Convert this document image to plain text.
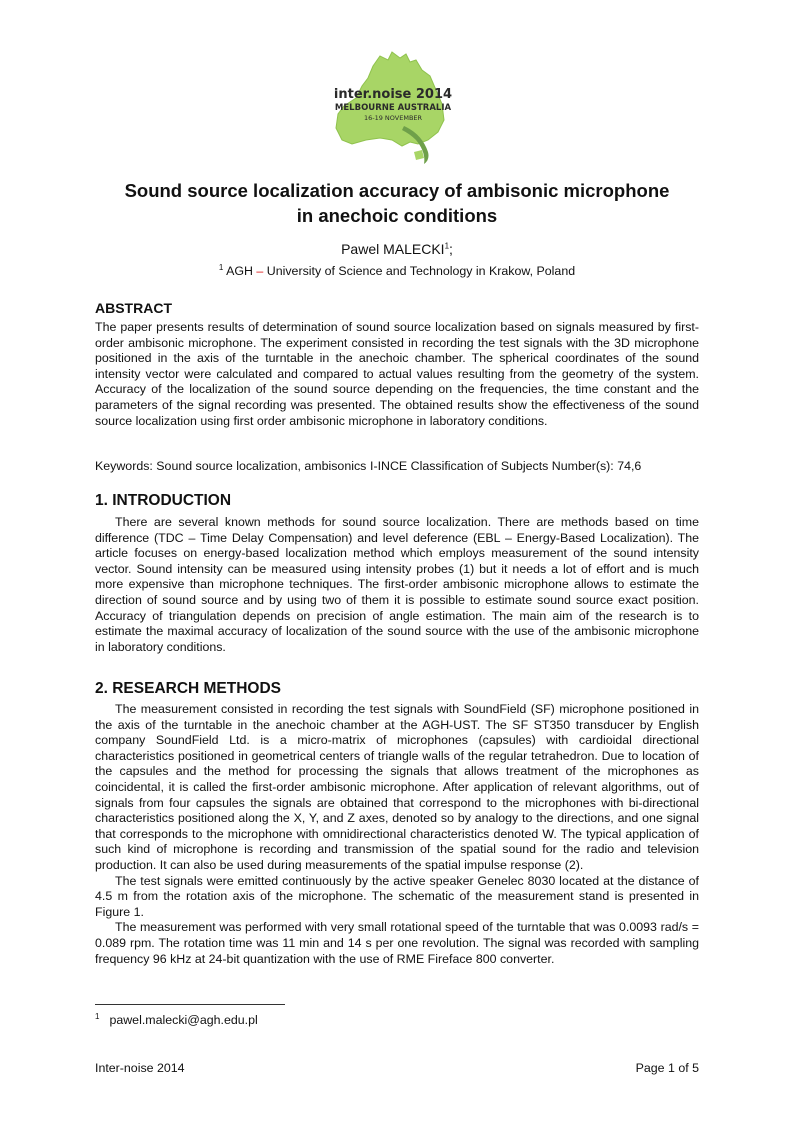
inter.noise 2014
MELBOURNE AUSTRALIA
16-19 NOVEMBER
Sound source localization accuracy of ambisonic microphone
in anechoic conditions
Pawel MALECKI$^1$;
$^1$ AGH – University of Science and Technology in Krakow, Poland
ABSTRACT

The paper presents results of determination of sound source localization based on signals measured by first-order ambisonic microphone. The experiment consisted in recording the test signals with the 3D microphone positioned in the axis of the turntable in the anechoic chamber. The spherical coordinates of the sound intensity vector were calculated and compared to actual values resulting from the geometry of the system. Accuracy of the localization of the sound source depending on the frequencies, the time constant and the parameters of the signal recording was presented. The obtained results show the effectiveness of the sound source localization using first order ambisonic microphone in laboratory conditions.

Keywords: Sound source localization, ambisonics I-INCE Classification of Subjects Number(s): 74,6
1. INTRODUCTION

There are several known methods for sound source localization. There are methods based on time difference (TDC – Time Delay Compensation) and level deference (EBL – Energy-Based Localization). The article focuses on energy-based localization method which employs measurement of the sound intensity vector. Sound intensity can be measured using intensity probes (1) but it needs a lot of effort and is much more expensive than microphone techniques. The first-order ambisonic microphone allows to estimate the direction of sound source and by using two of them it is possible to estimate sound source exact position. Accuracy of triangulation depends on precision of angle estimation. The main aim of the research is to estimate the maximal accuracy of localization of the sound source with the use of the ambisonic microphone in laboratory conditions.

2. RESEARCH METHODS

The measurement consisted in recording the test signals with SoundField (SF) microphone positioned in the axis of the turntable in the anechoic chamber at the AGH-UST. The SF ST350 transducer by English company SoundField Ltd. is a micro-matrix of microphones (capsules) with cardioidal directional characteristics positioned in geometrical centers of triangle walls of the regular tetrahedron. Due to location of the capsules and the method for processing the signals that allows treatment of the microphones as coincidental, it is called the first-order ambisonic microphone. After application of relevant algorithms, out of signals from four capsules the signals are obtained that correspond to the microphones with bi-directional characteristics positioned along the X, Y, and Z axes, denoted so by analogy to the directions, and one signal that corresponds to the microphone with omnidirectional characteristics denoted W. The typical application of such kind of microphone is recording and transmission of the spatial sound for the radio and television production. It can also be used during measurements of the spatial impulse response (2).

The test signals were emitted continuously by the active speaker Genelec 8030 located at the distance of 4.5 m from the rotation axis of the microphone. The schematic of the measurement stand is presented in Figure 1.

The measurement was performed with very small rotational speed of the turntable that was 0.0093 rad/s = 0.089 rpm. The rotation time was 11 min and 14 s per one revolution. The signal was recorded with sampling frequency 96 kHz at 24-bit quantization with the use of RME Fireface 800 converter.

$^1$ pawel.malecki@agh.edu.pl
Inter-noise 2014	Page 1 of 5
